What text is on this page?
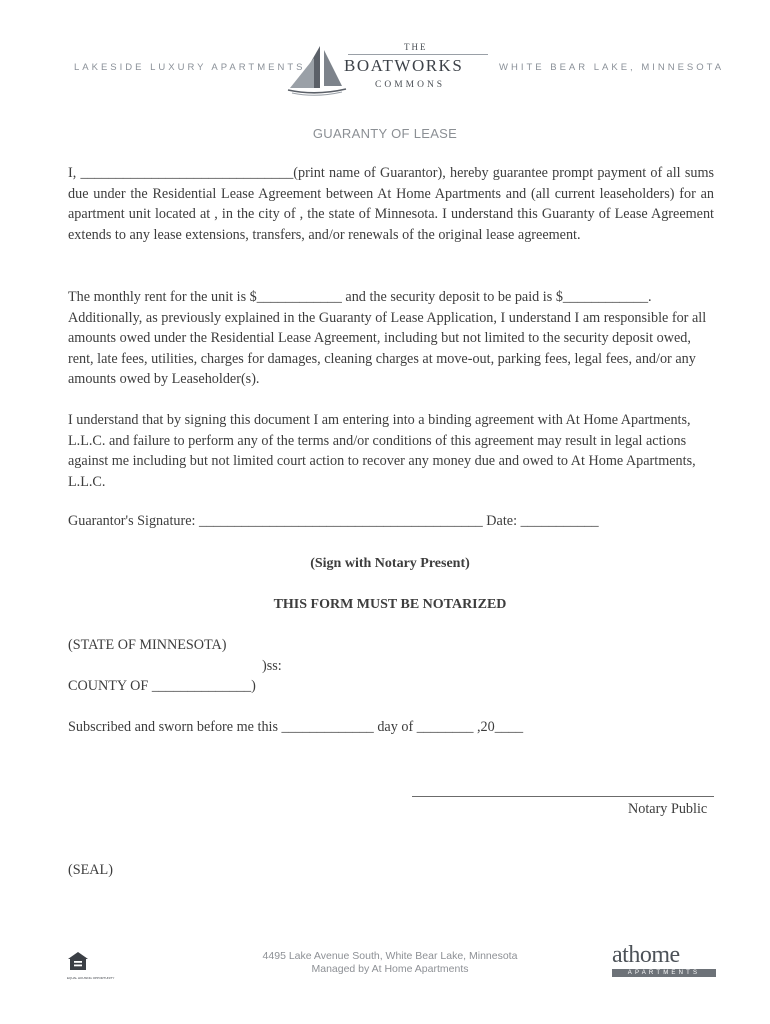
LAKESIDE LUXURY APARTMENTS	WHITE BEAR LAKE, MINNESOTA
THE
BOATWORKS
COMMONS
GUARANTY OF LEASE
I, ______________________________(print name of Guarantor), hereby guarantee prompt payment of all sums due under the Residential Lease Agreement between At Home Apartments and (all current leaseholders) for an apartment unit located at , in the city of , the state of Minnesota. I understand this Guaranty of Lease Agreement extends to any lease extensions, transfers, and/or renewals of the original lease agreement.
The monthly rent for the unit is $____________ and the security deposit to be paid is $____________. Additionally, as previously explained in the Guaranty of Lease Application, I understand I am responsible for all amounts owed under the Residential Lease Agreement, including but not limited to the security deposit owed, rent, late fees, utilities, charges for damages, cleaning charges at move-out, parking fees, legal fees, and/or any amounts owed by Leaseholder(s).
I understand that by signing this document I am entering into a binding agreement with At Home Apartments, L.L.C. and failure to perform any of the terms and/or conditions of this agreement may result in legal actions against me including but not limited court action to recover any money due and owed to At Home Apartments, L.L.C.
Guarantor's Signature: ________________________________________ Date: ___________
(Sign with Notary Present)
THIS FORM MUST BE NOTARIZED
(STATE OF MINNESOTA)
)ss:
COUNTY OF ______________)
Subscribed and sworn before me this _____________ day of ________ ,20____
Notary Public
(SEAL)
EQUAL HOUSING OPPORTUNITY
4495 Lake Avenue South, White Bear Lake, Minnesota
Managed by At Home Apartments
athome
APARTMENTS
